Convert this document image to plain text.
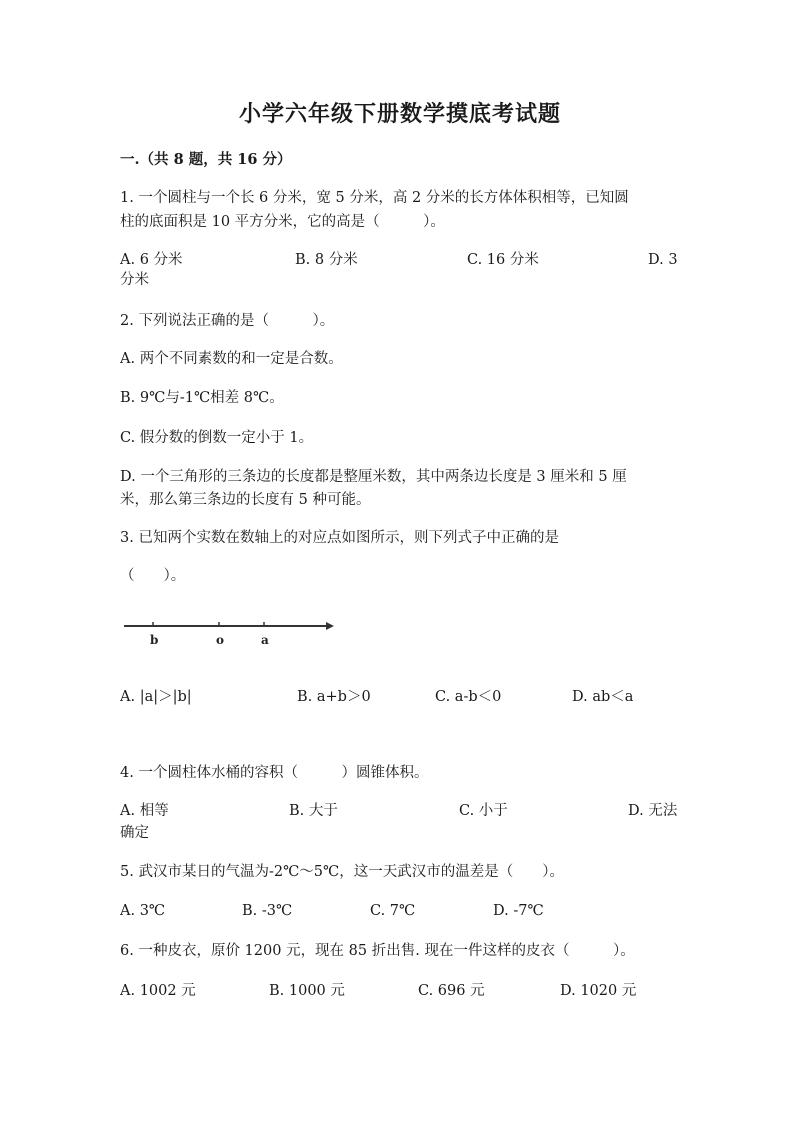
小学六年级下册数学摸底考试题
一.（共 8 题，共 16 分）
1. 一个圆柱与一个长 6 分米，宽 5 分米，高 2 分米的长方体体积相等，已知圆
柱的底面积是 10 平方分米，它的高是（　　　）。
A. 6 分米	B. 8 分米	C. 16 分米	D. 3
分米
2. 下列说法正确的是（　　　）。
A. 两个不同素数的和一定是合数。
B. 9℃与-1℃相差 8℃。
C. 假分数的倒数一定小于 1。
D. 一个三角形的三条边的长度都是整厘米数，其中两条边长度是 3 厘米和 5 厘
米，那么第三条边的长度有 5 种可能。
3. 已知两个实数在数轴上的对应点如图所示，则下列式子中正确的是
（　　）。
b	o	a
A. |a|＞|b|	B. a+b＞0	C. a-b＜0	D. ab＜a
4. 一个圆柱体水桶的容积（　　　）圆锥体积。
A. 相等	B. 大于	C. 小于	D. 无法
确定
5. 武汉市某日的气温为-2℃～5℃，这一天武汉市的温差是（　　）。
A. 3℃	B. -3℃	C. 7℃	D. -7℃
6. 一种皮衣，原价 1200 元，现在 85 折出售. 现在一件这样的皮衣（　　　）。
A. 1002 元	B. 1000 元	C. 696 元	D. 1020 元
